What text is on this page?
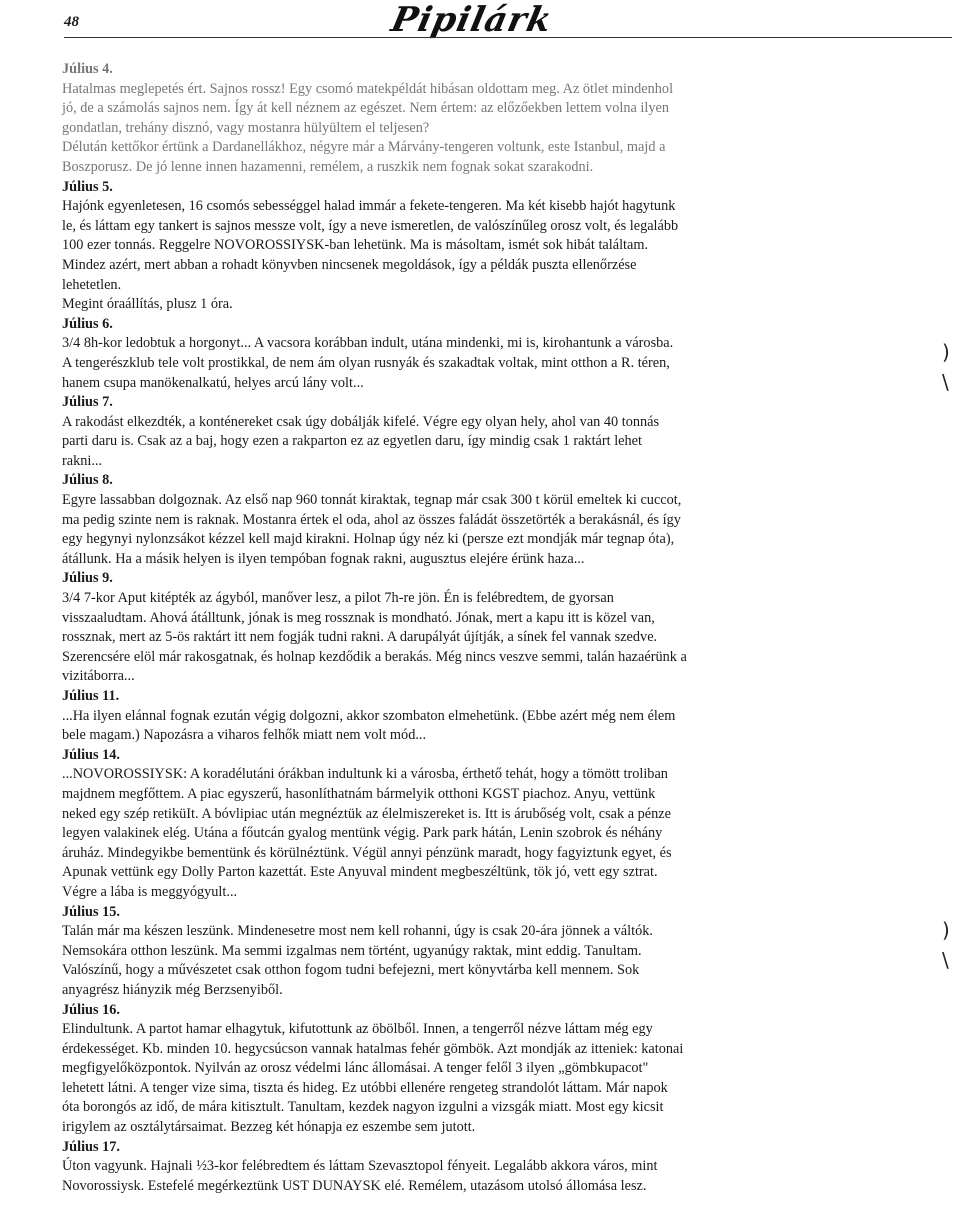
48	Pipilárk
)
\
)
\
Július 4.
Hatalmas meglepetés ért. Sajnos rossz! Egy csomó matekpéldát hibásan oldottam meg. Az ötlet mindenhol
jó, de a számolás sajnos nem. Így át kell néznem az egészet. Nem értem: az előzőekben lettem volna ilyen
gondatlan, trehány disznó, vagy mostanra hülyültem el teljesen?
Délután kettőkor értünk a Dardanellákhoz, négyre már a Márvány-tengeren voltunk, este Istanbul, majd a
Boszporusz. De jó lenne innen hazamenni, remélem, a ruszkik nem fognak sokat szarakodni.
Július 5.
Hajónk egyenletesen, 16 csomós sebességgel halad immár a fekete-tengeren. Ma két kisebb hajót hagytunk
le, és láttam egy tankert is sajnos messze volt, így a neve ismeretlen, de valószínűleg orosz volt, és legalább
100 ezer tonnás. Reggelre NOVOROSSIYSK-ban lehetünk. Ma is másoltam, ismét sok hibát találtam.
Mindez azért, mert abban a rohadt könyvben nincsenek megoldások, így a példák puszta ellenőrzése
lehetetlen.
Megint óraállítás, plusz 1 óra.
Július 6.
3/4 8h-kor ledobtuk a horgonyt... A vacsora korábban indult, utána mindenki, mi is, kirohantunk a városba.
A tengerészklub tele volt prostikkal, de nem ám olyan rusnyák és szakadtak voltak, mint otthon a R. téren,
hanem csupa manökenalkatú, helyes arcú lány volt...
Július 7.
A rakodást elkezdték, a konténereket csak úgy dobálják kifelé. Végre egy olyan hely, ahol van 40 tonnás
parti daru is. Csak az a baj, hogy ezen a rakparton ez az egyetlen daru, így mindig csak 1 raktárt lehet
rakni...
Július 8.
Egyre lassabban dolgoznak. Az első nap 960 tonnát kiraktak, tegnap már csak 300 t körül emeltek ki cuccot,
ma pedig szinte nem is raknak. Mostanra értek el oda, ahol az összes faládát összetörték a berakásnál, és így
egy hegynyi nylonzsákot kézzel kell majd kirakni. Holnap úgy néz ki (persze ezt mondják már tegnap óta),
átállunk. Ha a másik helyen is ilyen tempóban fognak rakni, augusztus elejére érünk haza...
Július 9.
3/4 7-kor Aput kitépték az ágyból, manőver lesz, a pilot 7h-re jön. Én is felébredtem, de gyorsan
visszaaludtam. Ahová átálltunk, jónak is meg rossznak is mondható. Jónak, mert a kapu itt is közel van,
rossznak, mert az 5-ös raktárt itt nem fogják tudni rakni. A darupályát újítják, a sínek fel vannak szedve.
Szerencsére elöl már rakosgatnak, és holnap kezdődik a berakás. Még nincs veszve semmi, talán hazaérünk a
vizitáborra...
Július 11.
...Ha ilyen elánnal fognak ezután végig dolgozni, akkor szombaton elmehetünk. (Ebbe azért még nem élem
bele magam.) Napozásra a viharos felhők miatt nem volt mód...
Július 14.
...NOVOROSSIYSK: A koradélutáni órákban indultunk ki a városba, érthető tehát, hogy a tömött troliban
majdnem megfőttem. A piac egyszerű, hasonlíthatnám bármelyik otthoni KGST piachoz. Anyu, vettünk
neked egy szép retiküIt. A bóvlipiac után megnéztük az élelmiszereket is. Itt is árubőség volt, csak a pénze
legyen valakinek elég. Utána a főutcán gyalog mentünk végig. Park park hátán, Lenin szobrok és néhány
áruház. Mindegyikbe bementünk és körülnéztünk. Végül annyi pénzünk maradt, hogy fagyiztunk egyet, és
Apunak vettünk egy Dolly Parton kazettát. Este Anyuval mindent megbeszéltünk, tök jó, vett egy sztrat.
Végre a lába is meggyógyult...
Július 15.
Talán már ma készen leszünk. Mindenesetre most nem kell rohanni, úgy is csak 20-ára jönnek a váltók.
Nemsokára otthon leszünk. Ma semmi izgalmas nem történt, ugyanúgy raktak, mint eddig. Tanultam.
Valószínű, hogy a művészetet csak otthon fogom tudni befejezni, mert könyvtárba kell mennem. Sok
anyagrész hiányzik még Berzsenyiből.
Július 16.
Elindultunk. A partot hamar elhagytuk, kifutottunk az öbölből. Innen, a tengerről nézve láttam még egy
érdekességet. Kb. minden 10. hegycsúcson vannak hatalmas fehér gömbök. Azt mondják az itteniek: katonai
megfigyelőközpontok. Nyilván az orosz védelmi lánc állomásai. A tenger felől 3 ilyen „gömbkupacot"
lehetett látni. A tenger vize sima, tiszta és hideg. Ez utóbbi ellenére rengeteg strandolót láttam. Már napok
óta borongós az idő, de mára kitisztult. Tanultam, kezdek nagyon izgulni a vizsgák miatt. Most egy kicsit
irigylem az osztálytársaimat. Bezzeg két hónapja ez eszembe sem jutott.
Július 17.
Úton vagyunk. Hajnali ½3-kor felébredtem és láttam Szevasztopol fényeit. Legalább akkora város, mint
Novorossiysk. Estefelé megérkeztünk UST DUNAYSK elé. Remélem, utazásom utolsó állomása lesz.
